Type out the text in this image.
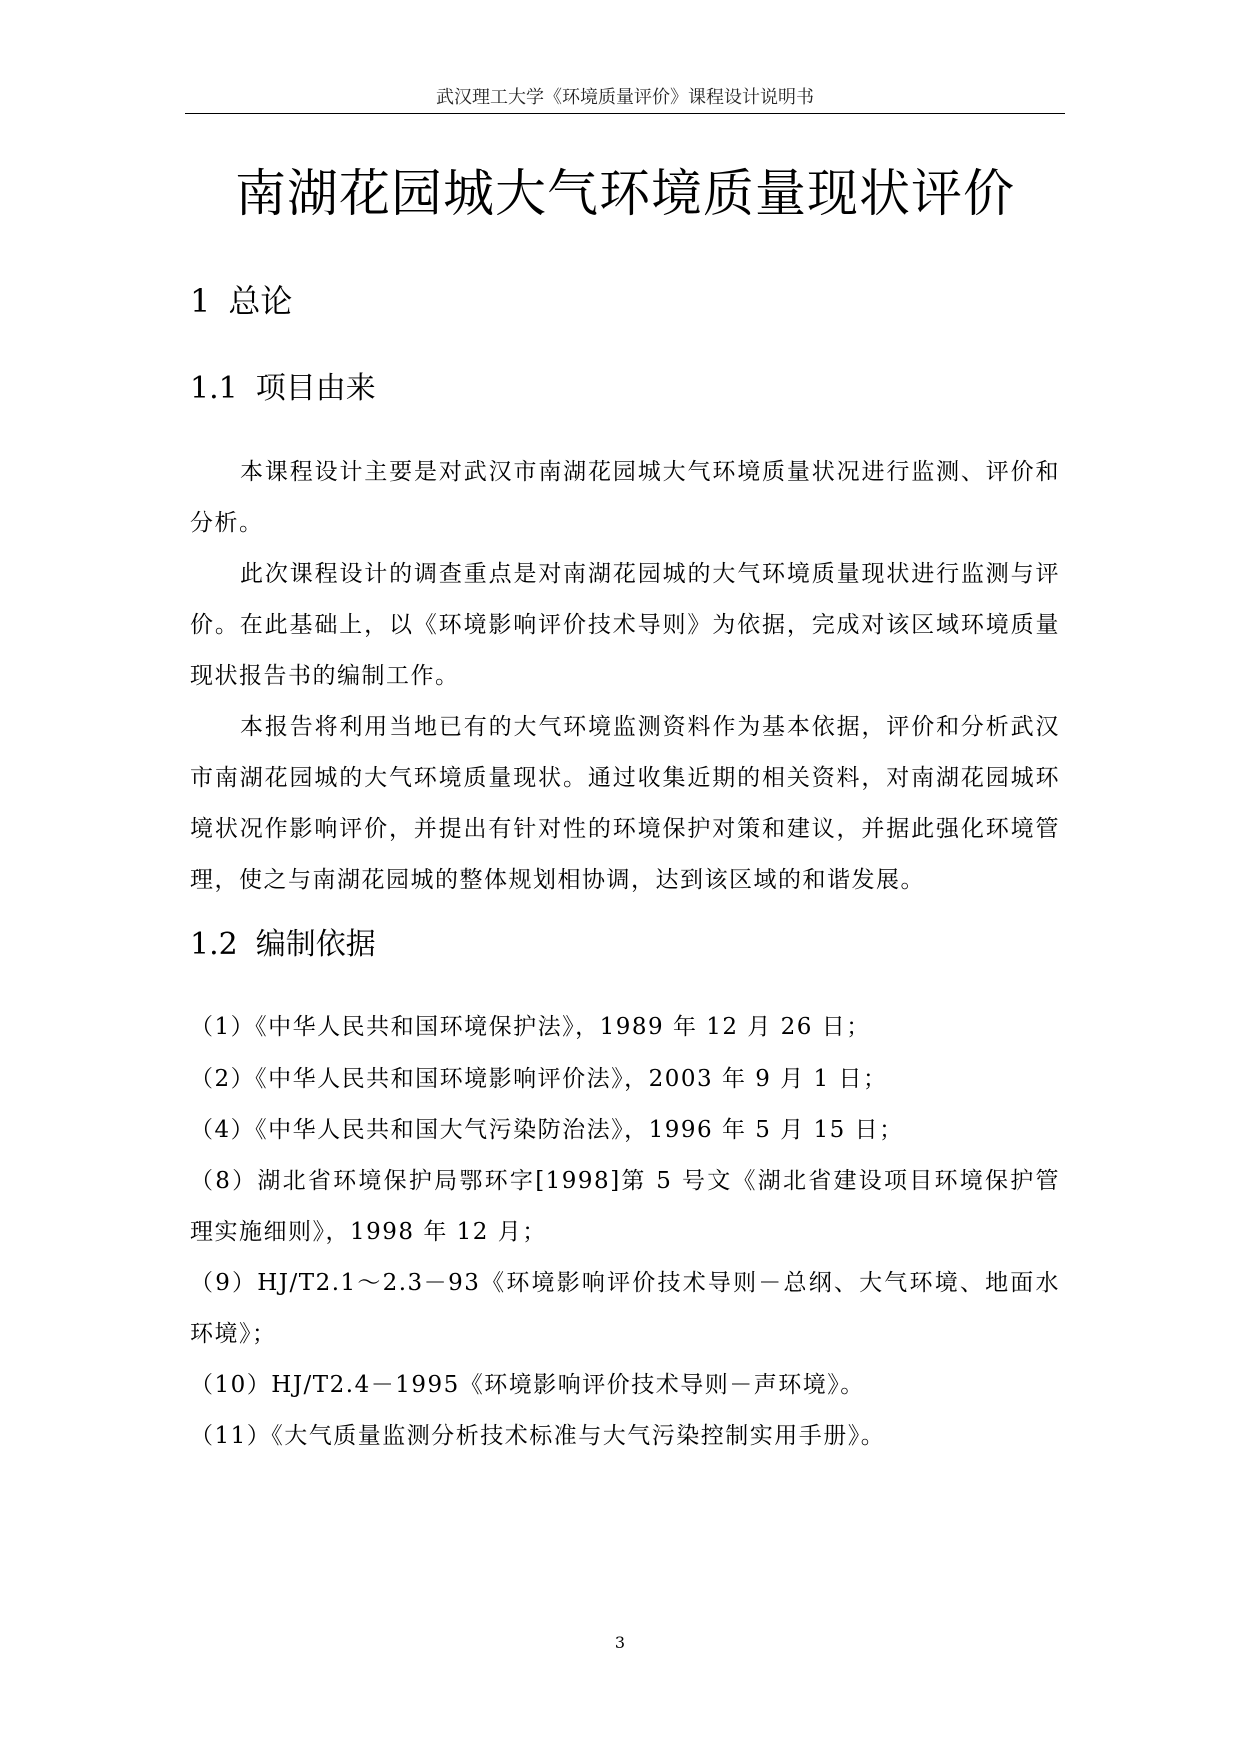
武汉理工大学《环境质量评价》课程设计说明书
南湖花园城大气环境质量现状评价
1 总论
1.1 项目由来

本课程设计主要是对武汉市南湖花园城大气环境质量状况进行监测、评价和分析。

此次课程设计的调查重点是对南湖花园城的大气环境质量现状进行监测与评价。在此基础上，以《环境影响评价技术导则》为依据，完成对该区域环境质量现状报告书的编制工作。

本报告将利用当地已有的大气环境监测资料作为基本依据，评价和分析武汉市南湖花园城的大气环境质量现状。通过收集近期的相关资料，对南湖花园城环境状况作影响评价，并提出有针对性的环境保护对策和建议，并据此强化环境管理，使之与南湖花园城的整体规划相协调，达到该区域的和谐发展。

1.2 编制依据

（1）《中华人民共和国环境保护法》，1989 年 12 月 26 日；

（2）《中华人民共和国环境影响评价法》，2003 年 9 月 1 日；

（4）《中华人民共和国大气污染防治法》，1996 年 5 月 15 日；

（8）湖北省环境保护局鄂环字[1998]第 5 号文《湖北省建设项目环境保护管理实施细则》，1998 年 12 月；

（9）HJ/T2.1～2.3－93《环境影响评价技术导则－总纲、大气环境、地面水环境》；

（10）HJ/T2.4－1995《环境影响评价技术导则－声环境》。

（11）《大气质量监测分析技术标准与大气污染控制实用手册》。

3
